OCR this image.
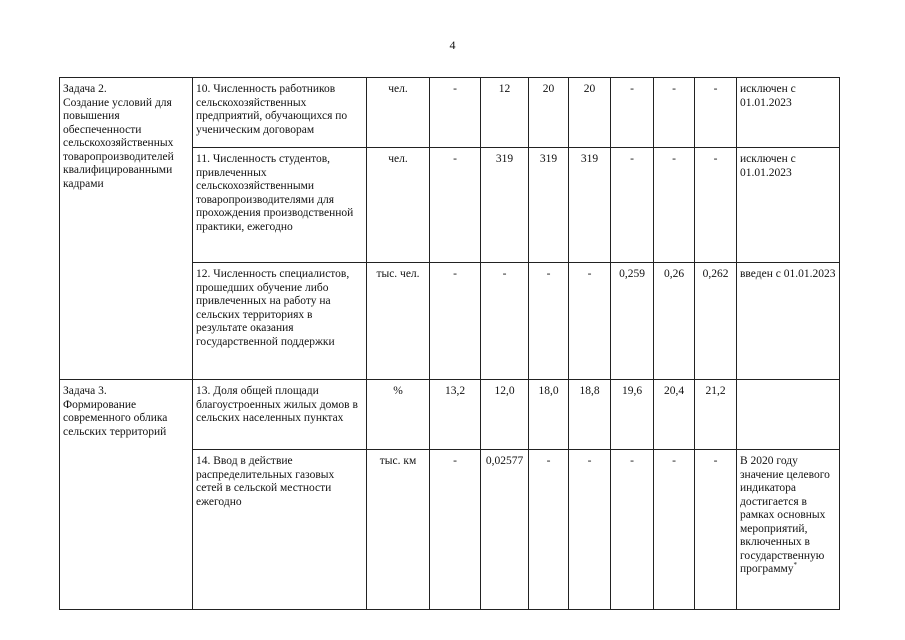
4
Задача 2.
Создание условий для повышения обеспеченности сельскохозяйственных товаропроизводителей квалифицированными кадрами	10. Численность работников сельскохозяйственных предприятий, обучающихся по ученическим договорам	чел.	-	12	20	20	-	-	-	исключен с 01.01.2023
	11. Численность студентов, привлеченных сельскохозяйственными товаропроизводителями для прохождения производственной практики, ежегодно	чел.	-	319	319	319	-	-	-	исключен с 01.01.2023
	12. Численность специалистов, прошедших обучение либо привлеченных на работу на сельских территориях в результате оказания государственной поддержки	тыс. чел.	-	-	-	-	0,259	0,26	0,262	введен с 01.01.2023

Задача 3.
Формирование современного облика сельских территорий	13. Доля общей площади благоустроенных жилых домов в сельских населенных пунктах	%	13,2	12,0	18,0	18,8	19,6	20,4	21,2	
	14. Ввод в действие распределительных газовых сетей в сельской местности ежегодно	тыс. км	-	0,02577	-	-	-	-	-	В 2020 году значение целевого индикатора достигается в рамках основных мероприятий, включенных в государственную программу*
